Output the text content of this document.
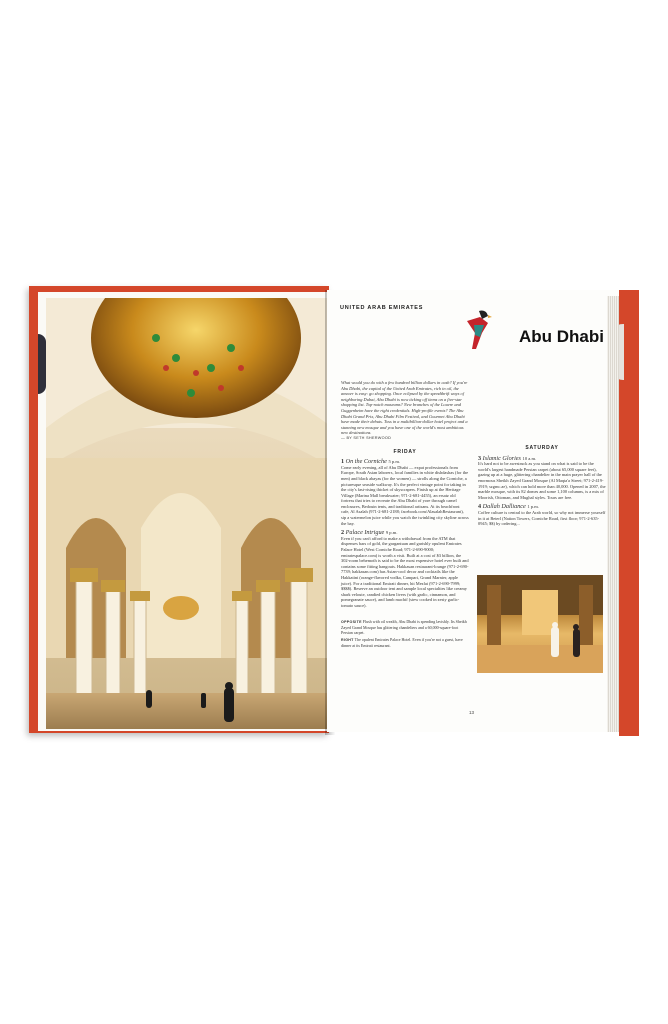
UNITED ARAB EMIRATES
Abu Dhabi

What would you do with a few hundred billion dollars in cash? If you're Abu Dhabi, the capital of the United Arab Emirates, rich in oil, the answer is easy: go shopping. Once eclipsed by the spendthrift ways of neighboring Dubai, Abu Dhabi is now ticking off items on a five-star shopping list. Top-notch museums? New branches of the Louvre and Guggenheim have the right credentials. High-profile events? The Abu Dhabi Grand Prix, Abu Dhabi Film Festival, and Gourmet Abu Dhabi have made their debuts. Toss in a multibillion-dollar hotel project and a stunning new mosque and you have one of the world's most ambitious new destinations.

— BY SETH SHERWOOD

FRIDAY
1 On the Corniche 5 p.m.

Come early evening, all of Abu Dhabi — expat professionals from Europe, South Asian laborers, local families in white dishdashas (for the men) and black abayas (for the women) — strolls along the Corniche, a picturesque seaside walkway. It's the perfect vintage point for taking in the city's fast-rising thicket of skyscrapers. Finish up at the Heritage Village (Marina Mall breakwater; 971-2-681-4455), an ersatz old fortress that tries to recreate the Abu Dhabi of yore through camel enclosures, Bedouin tents, and traditional artisans. At its beachfront cafe, Al Asalah (971-2-681-2188; facebook.com/AlasalahRestaurant), sip a watermelon juice while you watch the twinkling city skyline across the bay.

2 Palace Intrigue 9 p.m.

Even if you can't afford to make a withdrawal from the ATM that dispenses bars of gold, the gargantuan and garishly opulent Emirates Palace Hotel (West Corniche Road; 971-2-690-9000; emiratespalace.com) is worth a visit. Built at a cost of $3 billion, the 302-room behemoth is said to be the most expensive hotel ever built and contains some fitting hangouts. Hakkasan restaurant-lounge (971-2-690-7739; hakkasan.com) has Asian-cool decor and cocktails like the Hakkatini (orange-flavored vodka, Campari, Grand Marnier, apple juice). For a traditional Emirati dinner, hit Mezlai (971-2-690-7999; $$$$). Reserve an outdoor tent and sample local specialties like creamy shark veloute, candied chicken livers (with garlic, cinnamon, and pomegranate sauce), and lamb machif (stew cooked in zesty garlic-tomato sauce).

OPPOSITE Flush with oil wealth, Abu Dhabi is spending lavishly. Its Sheikh Zayed Grand Mosque has glittering chandeliers and a 60,000-square-foot Persian carpet.
RIGHT The opulent Emirates Palace Hotel. Even if you're not a guest, have dinner at its Emirati restaurant.
SATURDAY
3 Islamic Glories 10 a.m.

It's hard not to be awestruck as you stand on what is said to be the world's largest handmade Persian carpet (about 65,000 square feet), gazing up at a huge, glittering chandelier in the main prayer hall of the enormous Sheikh Zayed Grand Mosque (Al Maqta'a Street; 971-2-419-1919; szgmc.ae), which can hold more than 40,000. Opened in 2007, the marble mosque, with its 82 domes and some 1,100 columns, is a mix of Moorish, Ottoman, and Mughal styles. Tours are free.

4 Dallah Dalliance 1 p.m.

Coffee culture is central to the Arab world, so why not immerse yourself in it at Beterl (Nation Towers, Corniche Road, first floor; 971-2-635-0945; $$) by ordering...

13
